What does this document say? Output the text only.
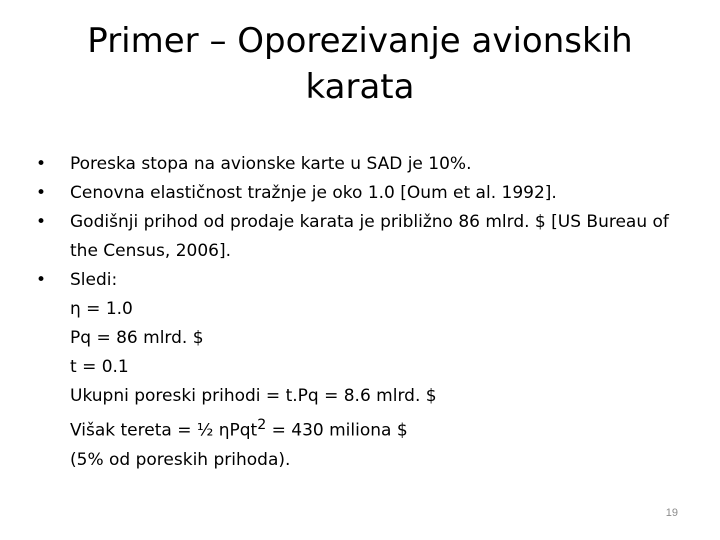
Primer – Oporezivanje avionskih
karata
•	Poreska stopa na avionske karte u SAD je 10%.
•	Cenovna elastičnost tražnje je oko 1.0 [Oum et al. 1992].
•	Godišnji prihod od prodaje karata je približno 86 mlrd. $ [US Bureau of the Census, 2006].
•	Sledi:
η = 1.0
Pq = 86 mlrd. $
t = 0.1
Ukupni poreski prihodi = t.Pq = 8.6 mlrd. $
Višak tereta = ½ ηPqt$^2$ = 430 miliona $
(5% od poreskih prihoda).
19
